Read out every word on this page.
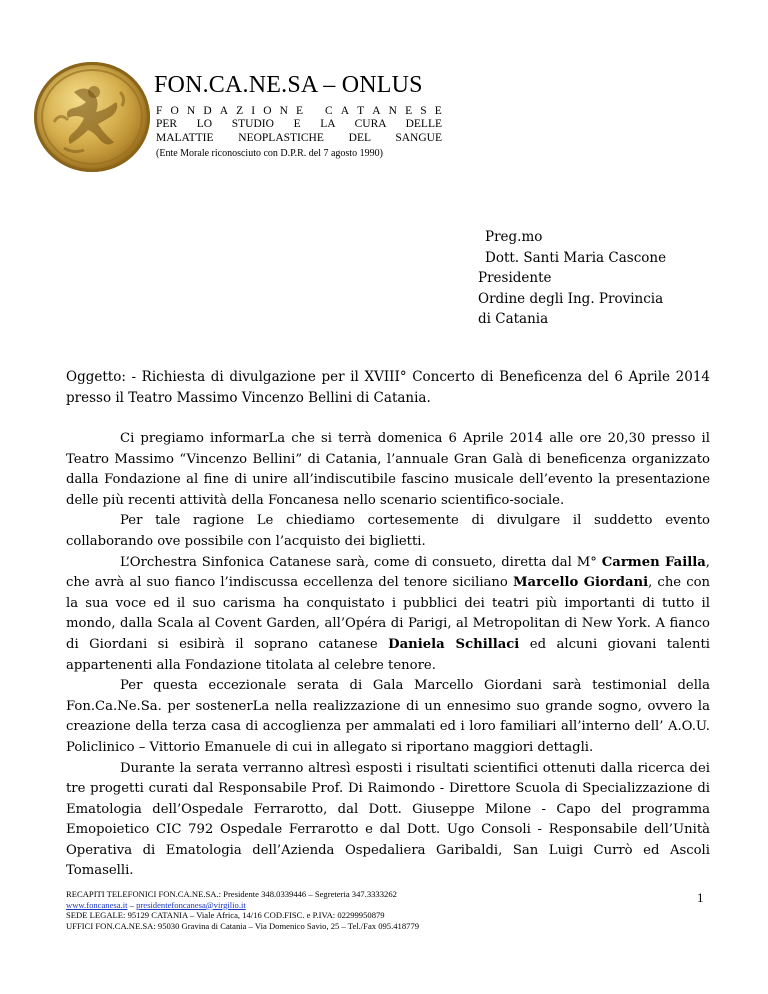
FON.CA.NE.SA – ONLUS
F O N D A Z I O N E
C A T A N E S E
PER LO STUDIO E LA CURA DELLE
MALATTIE NEOPLASTICHE DEL SANGUE
(Ente Morale riconosciuto con D.P.R. del 7 agosto 1990)
Preg.mo
Dott. Santi Maria Cascone
Presidente
Ordine degli Ing. Provincia
di Catania
Oggetto: - Richiesta di divulgazione per il XVIII° Concerto di Beneficenza del 6 Aprile 2014 presso il Teatro Massimo Vincenzo Bellini di Catania.

Ci pregiamo informarLa che si terrà domenica 6 Aprile 2014 alle ore 20,30 presso il Teatro Massimo “Vincenzo Bellini” di Catania, l’annuale Gran Galà di beneficenza organizzato dalla Fondazione al fine di unire all’indiscutibile fascino musicale dell’evento la presentazione delle più recenti attività della Foncanesa nello scenario scientifico-sociale.

Per tale ragione Le chiediamo cortesemente di divulgare il suddetto evento collaborando ove possibile con l’acquisto dei biglietti.

L’Orchestra Sinfonica Catanese sarà, come di consueto, diretta dal M° Carmen Failla, che avrà al suo fianco l’indiscussa eccellenza del tenore siciliano Marcello Giordani, che con la sua voce ed il suo carisma ha conquistato i pubblici dei teatri più importanti di tutto il mondo, dalla Scala al Covent Garden, all’Opéra di Parigi, al Metropolitan di New York. A fianco di Giordani si esibirà il soprano catanese Daniela Schillaci ed alcuni giovani talenti appartenenti alla Fondazione titolata al celebre tenore.

Per questa eccezionale serata di Gala Marcello Giordani sarà testimonial della Fon.Ca.Ne.Sa. per sostenerLa nella realizzazione di un ennesimo suo grande sogno, ovvero la creazione della terza casa di accoglienza per ammalati ed i loro familiari all’interno dell’ A.O.U. Policlinico – Vittorio Emanuele di cui in allegato si riportano maggiori dettagli.

Durante la serata verranno altresì esposti i risultati scientifici ottenuti dalla ricerca dei tre progetti curati dal Responsabile Prof. Di Raimondo - Direttore Scuola di Specializzazione di Ematologia dell’Ospedale Ferrarotto, dal Dott. Giuseppe Milone - Capo del programma Emopoietico CIC 792 Ospedale Ferrarotto e dal Dott. Ugo Consoli - Responsabile dell’Unità Operativa di Ematologia dell’Azienda Ospedaliera Garibaldi, San Luigi Currò ed Ascoli Tomaselli.

RECAPITI TELEFONICI FON.CA.NE.SA.: Presidente 348.0339446 – Segreteria 347.3333262
www.foncanesa.it – presidentefoncanesa@virgilio.it
SEDE LEGALE: 95129 CATANIA – Viale Africa, 14/16 COD.FISC. e P.IVA: 02299950879
UFFICI FON.CA.NE.SA: 95030 Gravina di Catania – Via Domenico Savio, 25 – Tel./Fax 095.418779
1
